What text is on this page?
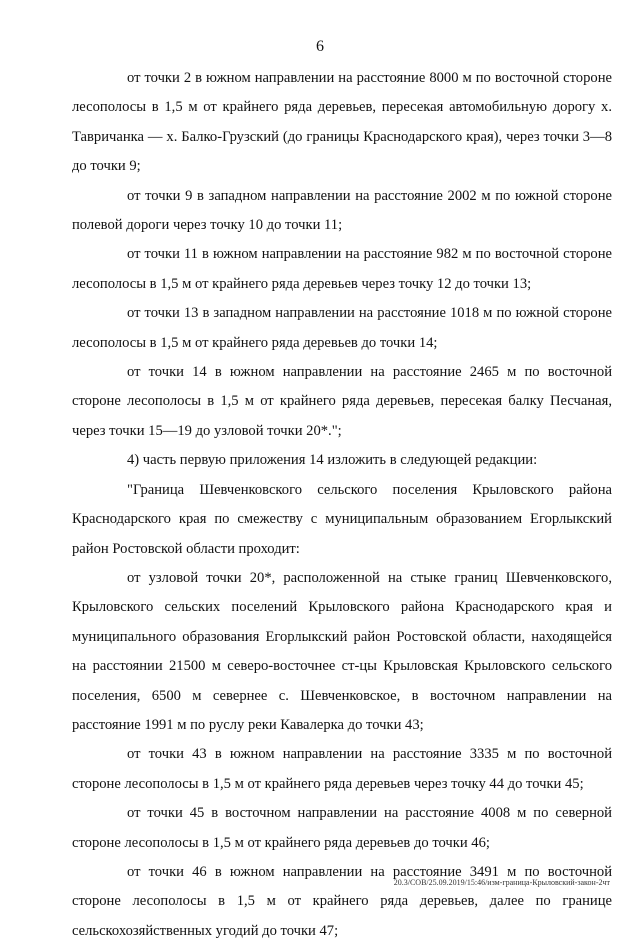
6

от точки 2 в южном направлении на расстояние 8000 м по восточной стороне лесополосы в 1,5 м от крайнего ряда деревьев, пересекая автомобильную дорогу х. Тавричанка — х. Балко-Грузский (до границы Краснодарского края), через точки 3—8 до точки 9;

от точки 9 в западном направлении на расстояние 2002 м по южной стороне полевой дороги через точку 10 до точки 11;

от точки 11 в южном направлении на расстояние 982 м по восточной стороне лесополосы в 1,5 м от крайнего ряда деревьев через точку 12 до точки 13;

от точки 13 в западном направлении на расстояние 1018 м по южной стороне лесополосы в 1,5 м от крайнего ряда деревьев до точки 14;

от точки 14 в южном направлении на расстояние 2465 м по восточной стороне лесополосы в 1,5 м от крайнего ряда деревьев, пересекая балку Песчаная, через точки 15—19 до узловой точки 20*.";

4) часть первую приложения 14 изложить в следующей редакции:

"Граница Шевченковского сельского поселения Крыловского района Краснодарского края по смежеству с муниципальным образованием Егорлыкский район Ростовской области проходит:

от узловой точки 20*, расположенной на стыке границ Шевченковского, Крыловского сельских поселений Крыловского района Краснодарского края и муниципального образования Егорлыкский район Ростовской области, находящейся на расстоянии 21500 м северо-восточнее ст-цы Крыловская Крыловского сельского поселения, 6500 м севернее с. Шевченковское, в восточном направлении на расстояние 1991 м по руслу реки Кавалерка до точки 43;

от точки 43 в южном направлении на расстояние 3335 м по восточной стороне лесополосы в 1,5 м от крайнего ряда деревьев через точку 44 до точки 45;

от точки 45 в восточном направлении на расстояние 4008 м по северной стороне лесополосы в 1,5 м от крайнего ряда деревьев до точки 46;

от точки 46 в южном направлении на расстояние 3491 м по восточной стороне лесополосы в 1,5 м от крайнего ряда деревьев, далее по границе сельскохозяйственных угодий до точки 47;

20.3/СОВ/25.09.2019/15:46/изм-граница-Крыловский-закон-2чт
